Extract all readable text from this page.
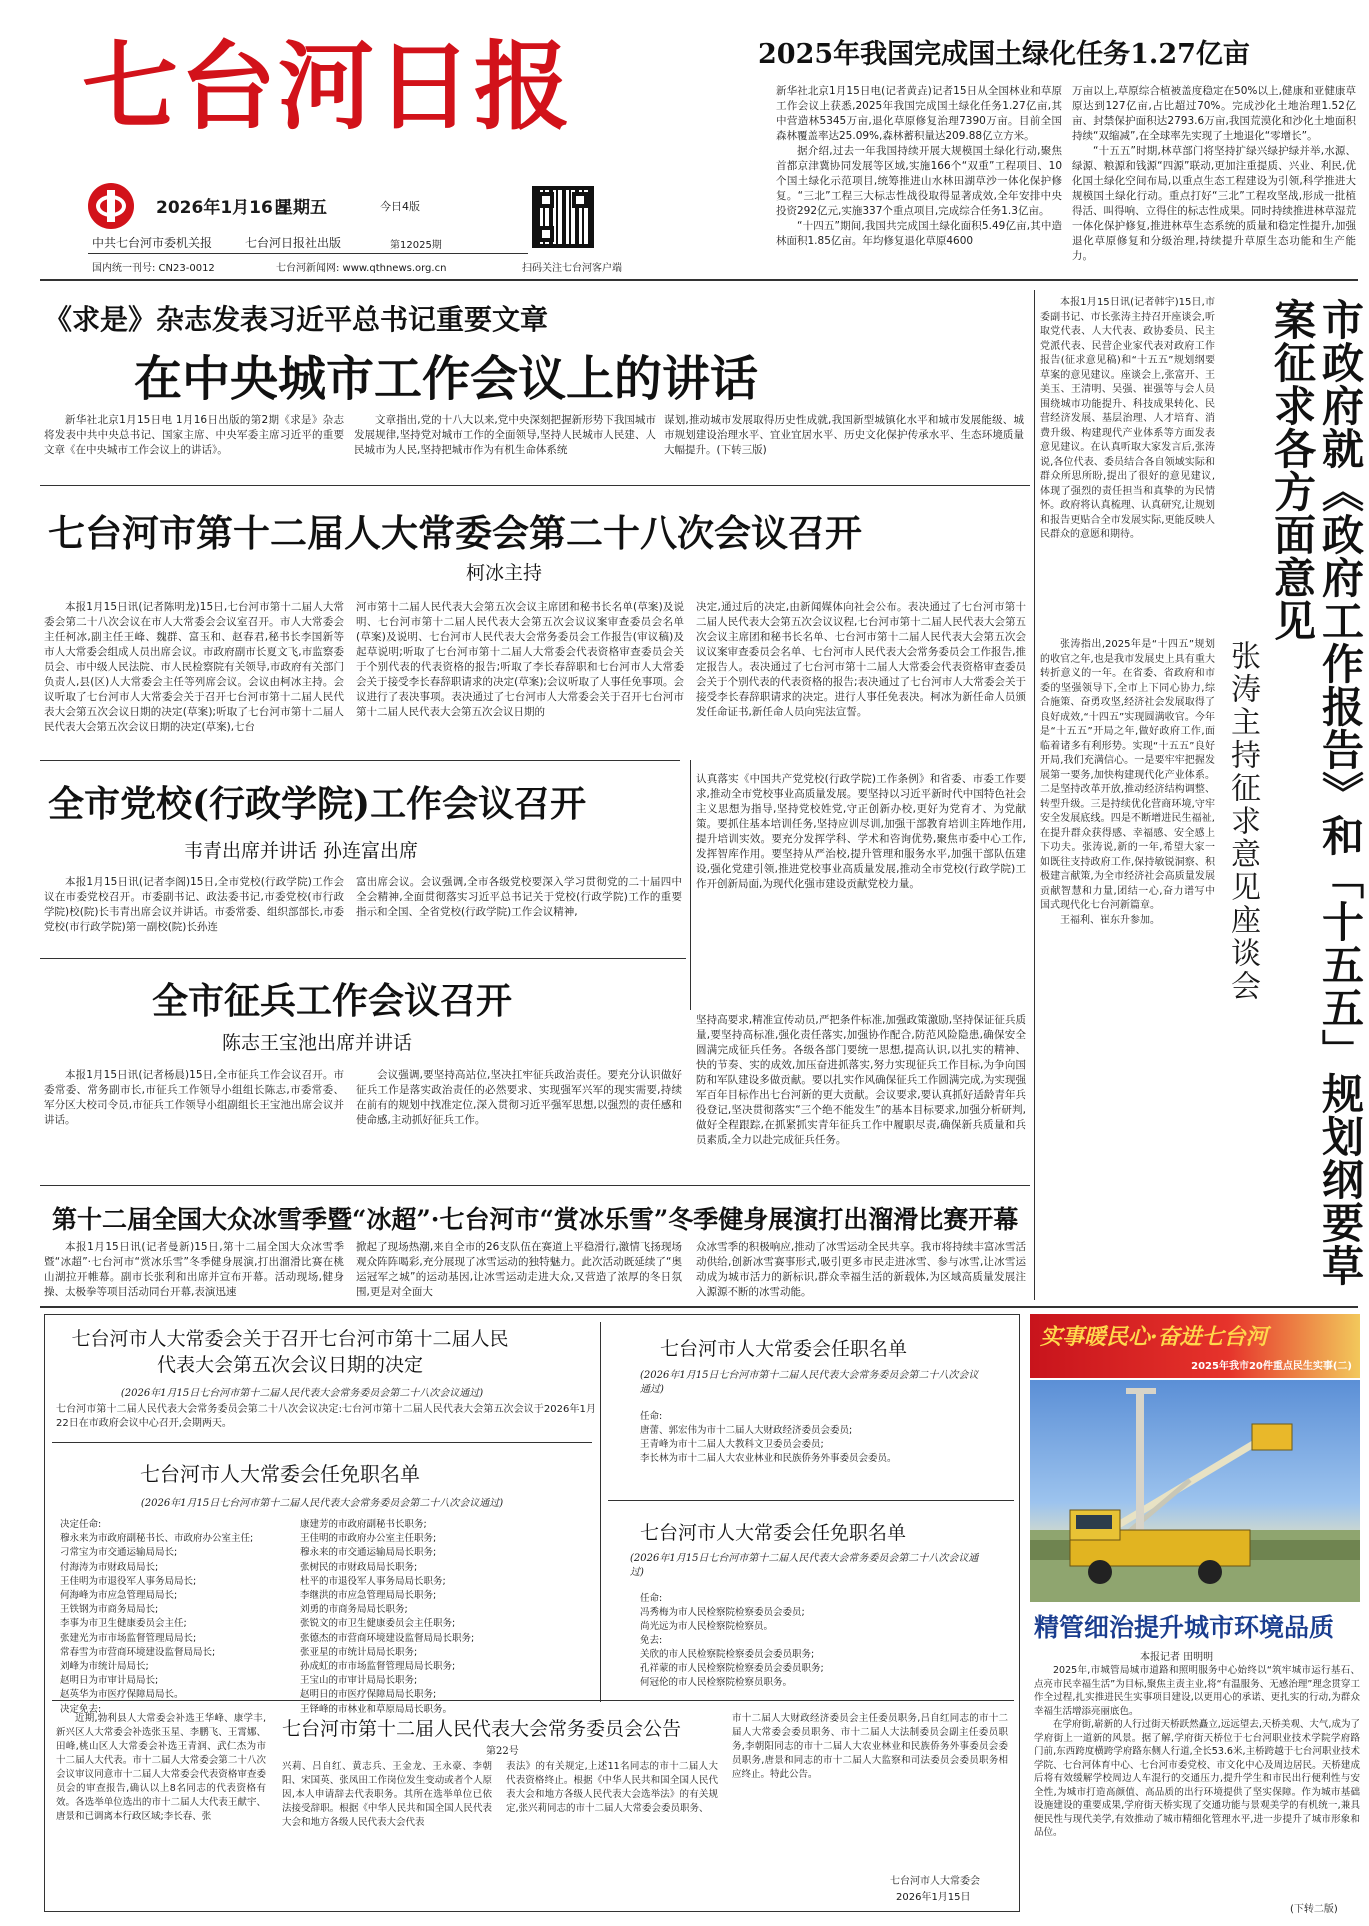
七台河日报
2026年1月16日
星期五	今日4版
中共七台河市委机关报	七台河日报社出版	第12025期
国内统一刊号: CN23-0012	七台河新闻网: www.qthnews.org.cn	扫码关注七台河客户端
2025年我国完成国土绿化任务1.27亿亩

新华社北京1月15日电(记者黄垚)记者15日从全国林业和草原工作会议上获悉,2025年我国完成国土绿化任务1.27亿亩,其中营造林5345万亩,退化草原修复治理7390万亩。目前全国森林覆盖率达25.09%,森林蓄积量达209.88亿立方米。

据介绍,过去一年我国持续开展大规模国土绿化行动,聚焦首都京津冀协同发展等区域,实施166个“双重”工程项目、10个国土绿化示范项目,统筹推进山水林田湖草沙一体化保护修复。“三北”工程三大标志性战役取得显著成效,全年安排中央投资292亿元,实施337个重点项目,完成综合任务1.3亿亩。

“十四五”期间,我国共完成国土绿化面积5.49亿亩,其中造林面积1.85亿亩。年均修复退化草原4600

万亩以上,草原综合植被盖度稳定在50%以上,健康和亚健康草原达到127亿亩,占比超过70%。完成沙化土地治理1.52亿亩、封禁保护面积达2793.6万亩,我国荒漠化和沙化土地面积持续“双缩减”,在全球率先实现了土地退化“零增长”。

“十五五”时期,林草部门将坚持扩绿兴绿护绿并举,水源、绿源、粮源和钱源“四源”联动,更加注重提质、兴业、利民,优化国土绿化空间布局,以重点生态工程建设为引领,科学推进大规模国土绿化行动。重点打好“三北”工程攻坚战,形成一批植得活、叫得响、立得住的标志性成果。同时持续推进林草湿荒一体化保护修复,推进林草生态系统的质量和稳定性提升,加强退化草原修复和分级治理,持续提升草原生态功能和生产能力。

《求是》杂志发表习近平总书记重要文章
在中央城市工作会议上的讲话

新华社北京1月15日电 1月16日出版的第2期《求是》杂志将发表中共中央总书记、国家主席、中央军委主席习近平的重要文章《在中央城市工作会议上的讲话》。

文章指出,党的十八大以来,党中央深刻把握新形势下我国城市发展规律,坚持党对城市工作的全面领导,坚持人民城市人民建、人民城市为人民,坚持把城市作为有机生命体系统

谋划,推动城市发展取得历史性成就,我国新型城镇化水平和城市发展能级、城市规划建设治理水平、宜业宜居水平、历史文化保护传承水平、生态环境质量大幅提升。(下转三版)

七台河市第十二届人大常委会第二十八次会议召开
柯冰主持

本报1月15日讯(记者陈明龙)15日,七台河市第十二届人大常委会第二十八次会议在市人大常委会会议室召开。市人大常委会主任柯冰,副主任王峰、魏群、富玉和、赵春君,秘书长李国新等市人大常委会组成人员出席会议。市政府副市长夏文飞,市监察委员会、市中级人民法院、市人民检察院有关领导,市政府有关部门负责人,县(区)人大常委会主任等列席会议。会议由柯冰主持。会议听取了七台河市人大常委会关于召开七台河市第十二届人民代表大会第五次会议日期的决定(草案);听取了七台河市第十二届人民代表大会第五次会议日期的决定(草案),七台

河市第十二届人民代表大会第五次会议主席团和秘书长名单(草案)及说明、七台河市第十二届人民代表大会第五次会议议案审查委员会名单(草案)及说明、七台河市人民代表大会常务委员会工作报告(审议稿)及起草说明;听取了七台河市第十二届人大常委会代表资格审查委员会关于个别代表的代表资格的报告;听取了李长春辞职和七台河市人大常委会关于接受李长春辞职请求的决定(草案);会议听取了人事任免事项。会议进行了表决事项。表决通过了七台河市人大常委会关于召开七台河市第十二届人民代表大会第五次会议日期的

决定,通过后的决定,由新闻媒体向社会公布。表决通过了七台河市第十二届人民代表大会第五次会议议程,七台河市第十二届人民代表大会第五次会议主席团和秘书长名单、七台河市第十二届人民代表大会第五次会议议案审查委员会名单、七台河市人民代表大会常务委员会工作报告,推定报告人。表决通过了七台河市第十二届人大常委会代表资格审查委员会关于个别代表的代表资格的报告;表决通过了七台河市人大常委会关于接受李长春辞职请求的决定。进行人事任免表决。柯冰为新任命人员颁发任命证书,新任命人员向宪法宣誓。

全市党校(行政学院)工作会议召开
韦青出席并讲话 孙连富出席

本报1月15日讯(记者李阁)15日,全市党校(行政学院)工作会议在市委党校召开。市委副书记、政法委书记,市委党校(市行政学院)校(院)长韦青出席会议并讲话。市委常委、组织部部长,市委党校(市行政学院)第一副校(院)长孙连

富出席会议。会议强调,全市各级党校要深入学习贯彻党的二十届四中全会精神,全面贯彻落实习近平总书记关于党校(行政学院)工作的重要指示和全国、全省党校(行政学院)工作会议精神,

认真落实《中国共产党党校(行政学院)工作条例》和省委、市委工作要求,推动全市党校事业高质量发展。要坚持以习近平新时代中国特色社会主义思想为指导,坚持党校姓党,守正创新办校,更好为党育才、为党献策。要抓住基本培训任务,坚持应训尽训,加强干部教育培训主阵地作用,提升培训实效。要充分发挥学科、学术和咨询优势,聚焦市委中心工作,发挥智库作用。要坚持从严治校,提升管理和服务水平,加强干部队伍建设,强化党建引领,推进党校事业高质量发展,推动全市党校(行政学院)工作开创新局面,为现代化强市建设贡献党校力量。

全市征兵工作会议召开
陈志王宝池出席并讲话

本报1月15日讯(记者杨晨)15日,全市征兵工作会议召开。市委常委、常务副市长,市征兵工作领导小组组长陈志,市委常委、军分区大校司令员,市征兵工作领导小组副组长王宝池出席会议并讲话。

会议强调,要坚持高站位,坚决扛牢征兵政治责任。要充分认识做好征兵工作是落实政治责任的必然要求、实现强军兴军的现实需要,持续在前有的规划中找准定位,深入贯彻习近平强军思想,以强烈的责任感和使命感,主动抓好征兵工作。

坚持高要求,精准宣传动员,严把条件标准,加强政策激励,坚持保证征兵质量,要坚持高标准,强化责任落实,加强协作配合,防范风险隐患,确保安全圆满完成征兵任务。各级各部门要统一思想,提高认识,以扎实的精神、快的节奏、实的成效,加压奋进抓落实,努力实现征兵工作目标,为争向国防和军队建设多做贡献。要以扎实作风确保征兵工作圆满完成,为实现强军百年目标作出七台河新的更大贡献。会议要求,要认真抓好适龄青年兵役登记,坚决贯彻落实“三个绝不能发生”的基本目标要求,加强分析研判,做好全程跟踪,在抓紧抓实青年征兵工作中履职尽责,确保新兵质量和兵员素质,全力以赴完成征兵任务。

第十二届全国大众冰雪季暨“冰超”·七台河市“赏冰乐雪”冬季健身展演打出溜滑比赛开幕

本报1月15日讯(记者曼新)15日,第十二届全国大众冰雪季暨“冰超”·七台河市“赏冰乐雪”冬季健身展演,打出溜滑比赛在桃山湖拉开帷幕。副市长张利和出席并宣布开幕。活动现场,健身操、太极拳等项目活动同台开幕,表演迅速

掀起了现场热潮,来自全市的26支队伍在赛道上平稳滑行,激情飞扬现场观众阵阵喝彩,充分展现了冰雪运动的独特魅力。此次活动既延续了“奥运冠军之城”的运动基因,让冰雪运动走进大众,又营造了浓厚的冬日氛围,更是对全面大

众冰雪季的积极响应,推动了冰雪运动全民共享。我市将持续丰富冰雪活动供给,创新冰雪赛事形式,吸引更多市民走进冰雪、参与冰雪,让冰雪运动成为城市活力的新标识,群众幸福生活的新载体,为区域高质量发展注入源源不断的冰雪动能。

本报1月15日讯(记者韩宇)15日,市委副书记、市长张涛主持召开座谈会,听取党代表、人大代表、政协委员、民主党派代表、民营企业家代表对政府工作报告(征求意见稿)和“十五五”规划纲要草案的意见建议。座谈会上,张富开、王美玉、王清明、吴强、崔强等与会人员围绕城市功能提升、科技成果转化、民营经济发展、基层治理、人才培育、消费升级、构建现代产业体系等方面发表意见建议。在认真听取大家发言后,张涛说,各位代表、委员结合各自领域实际和群众所思所盼,提出了很好的意见建议,体现了强烈的责任担当和真挚的为民情怀。政府将认真梳理、认真研究,让规划和报告更贴合全市发展实际,更能反映人民群众的意愿和期待。

张涛指出,2025年是“十四五”规划的收官之年,也是我市发展史上具有重大转折意义的一年。在省委、省政府和市委的坚强领导下,全市上下同心协力,综合施策、奋勇攻坚,经济社会发展取得了良好成效,“十四五”实现圆满收官。今年是“十五五”开局之年,做好政府工作,面临着诸多有利形势。实现“十五五”良好开局,我们充满信心。一是要牢牢把握发展第一要务,加快构建现代化产业体系。二是坚持改革开放,推动经济结构调整、转型升级。三是持续优化营商环境,守牢安全发展底线。四是不断增进民生福祉,在提升群众获得感、幸福感、安全感上下功夫。张涛说,新的一年,希望大家一如既往支持政府工作,保持敏锐洞察、积极建言献策,为全市经济社会高质量发展贡献智慧和力量,团结一心,奋力谱写中国式现代化七台河新篇章。

王福利、崔东升参加。	市政府就《政府工作报告》和「十五五」规划纲要草案征求各方面意见
张涛主持征求意见座谈会
七台河市人大常委会关于召开七台河市第十二届人民代表大会第五次会议日期的决定
(2026年1月15日七台河市第十二届人民代表大会常务委员会第二十八次会议通过)

七台河市第十二届人民代表大会常务委员会第二十八次会议决定:七台河市第十二届人民代表大会第五次会议于2026年1月22日在市政府会议中心召开,会期两天。

七台河市人大常委会任免职名单
(2026年1月15日七台河市第十二届人民代表大会常务委员会第二十八次会议通过)
决定任命:
穆永来为市政府副秘书长、市政府办公室主任;
刁常宝为市交通运输局局长;
付海涛为市财政局局长;
王佳明为市退役军人事务局局长;
何海峰为市应急管理局局长;
王铁钢为市商务局局长;
李事为市卫生健康委员会主任;
张建光为市市场监督管理局局长;
常春雪为市营商环境建设监督局局长;
刘峰为市统计局局长;
赵明日为市审计局局长;
赵英华为市医疗保障局局长。
决定免去:
康建芳的市政府副秘书长职务;
王佳明的市政府办公室主任职务;
穆永来的市交通运输局局长职务;
张树民的市财政局局长职务;
杜平的市退役军人事务局局长职务;
李继洪的市应急管理局局长职务;
刘勇的市商务局局长职务;
张锐文的市卫生健康委员会主任职务;
张德杰的市营商环境建设监督局局长职务;
张亚星的市统计局局长职务;
孙成虹的市市场监督管理局局长职务;
王宝山的市审计局局长职务;
赵明日的市医疗保障局局长职务;
王铎峰的市林业和草原局局长职务。
七台河市人大常委会任职名单
(2026年1月15日七台河市第十二届人民代表大会常务委员会第二十八次会议通过)
任命:
唐蕾、郭宏伟为市十二届人大财政经济委员会委员;
王青峰为市十二届人大教科文卫委员会委员;
李长林为市十二届人大农业林业和民族侨务外事委员会委员。
七台河市人大常委会任免职名单
(2026年1月15日七台河市第十二届人民代表大会常务委员会第二十八次会议通过)
任命:
冯秀梅为市人民检察院检察委员会委员;
尚光远为市人民检察院检察员。
免去:
关欣的市人民检察院检察委员会委员职务;
孔祥蒙的市人民检察院检察委员会委员职务;
何冠伦的市人民检察院检察员职务。
七台河市第十二届人民代表大会常务委员会公告
第22号

近期,勃利县人大常委会补选王华峰、康学丰,新兴区人大常委会补选张玉星、李鹏飞、王霄娜、田峰,桃山区人大常委会补选王青润、武仁杰为市十二届人大代表。市十二届人大常委会第二十八次会议审议同意市十二届人大常委会代表资格审查委员会的审查报告,确认以上8名同志的代表资格有效。各选举单位选出的市十二届人大代表王献宇、唐景和已调离本行政区域;李长春、张

兴莉、吕自红、黄志兵、王金龙、王永豪、李朝阳、宋国英、张凤田工作岗位发生变动或者个人原因,本人申请辞去代表职务。其所在选举单位已依法接受辞职。根据《中华人民共和国全国人民代表大会和地方各级人民代表大会代表

表法》的有关规定,上述11名同志的市十二届人大代表资格终止。根据《中华人民共和国全国人民代表大会和地方各级人民代表大会选举法》的有关规定,张兴莉同志的市十二届人大常委会委员职务、

市十二届人大财政经济委员会主任委员职务,吕自红同志的市十二届人大常委会委员职务、市十二届人大法制委员会副主任委员职务,李朝阳同志的市十二届人大农业林业和民族侨务外事委员会委员职务,唐景和同志的市十二届人大监察和司法委员会委员职务相应终止。特此公告。

七台河市人大常委会
2026年1月15日
实事暖民心·奋进七台河
2025年我市20件重点民生实事(二)
精管细治提升城市环境品质
本报记者 田明明

2025年,市城管局城市道路和照明服务中心始终以“筑牢城市运行基石、点亮市民幸福生活”为目标,聚焦主责主业,将“有温服务、无感治理”理念贯穿工作全过程,扎实推进民生实事项目建设,以更用心的承诺、更扎实的行动,为群众幸福生活增添亮丽底色。

在学府街,崭新的人行过街天桥跃然矗立,远远望去,天桥美观、大气,成为了学府街上一道新的风景。据了解,学府街天桥位于七台河职业技术学院学府路门前,东西跨度横跨学府路东侧人行道,全长53.6米,主桥跨越于七台河职业技术学院、七台河体育中心、七台河市委党校、市文化中心及周边居民。天桥建成后将有效缓解学校周边人车混行的交通压力,提升学生和市民出行便利性与安全性,为城市打造高颜值、高品质的出行环境提供了坚实保障。作为城市基础设施建设的重要成果,学府街天桥实现了交通功能与景观美学的有机统一,兼具便民性与现代美学,有效推动了城市精细化管理水平,进一步提升了城市形象和品位。

(下转二版)
